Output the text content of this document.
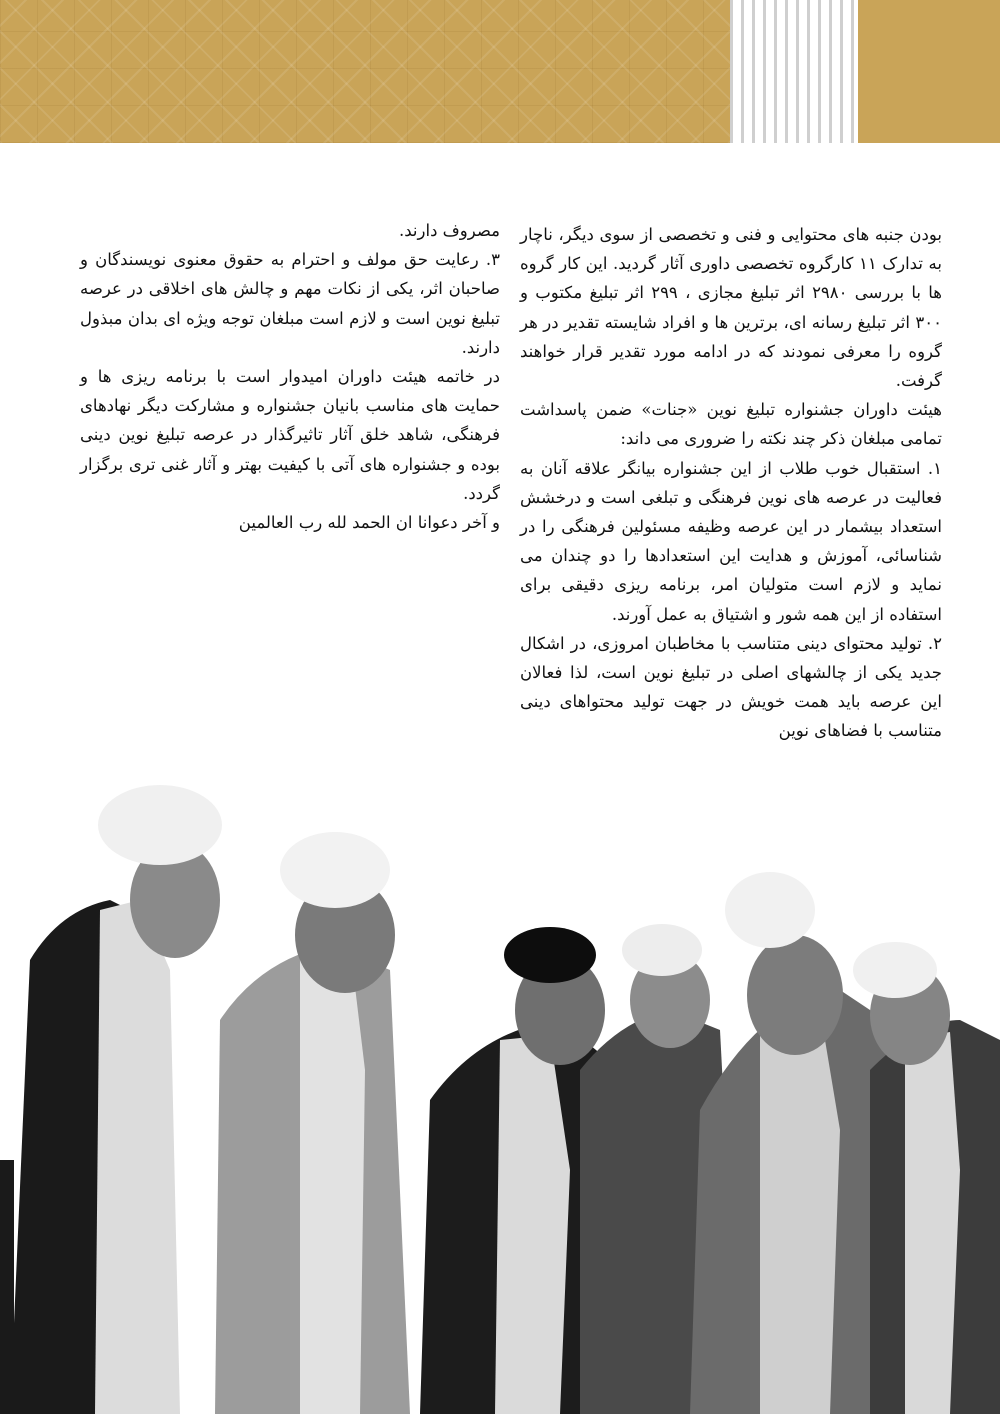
بودن جنبه های محتوایی و فنی و تخصصی از سوی دیگر، ناچار به تدارک ۱۱ کارگروه تخصصی داوری آثار گردید. این کار گروه ها با بررسی ۲۹۸۰ اثر تبلیغ مجازی ، ۲۹۹ اثر تبلیغ مکتوب و ۳۰۰ اثر تبلیغ رسانه ای، برترین ها و افراد شایسته تقدیر در هر گروه را معرفی نمودند که در ادامه مورد تقدیر قرار خواهند گرفت.

هیئت داوران جشنواره تبلیغ نوین «جنات» ضمن پاسداشت تمامی مبلغان ذکر چند نکته را ضروری می داند:

۱. استقبال خوب طلاب از این جشنواره بیانگر علاقه آنان به فعالیت در عرصه های نوین فرهنگی و تبلغی است و درخشش استعداد بیشمار در این عرصه وظیفه مسئولین فرهنگی را در شناسائی، آموزش و هدایت این استعدادها را دو چندان می نماید و لازم است متولیان امر، برنامه ریزی دقیقی برای استفاده از این همه شور و اشتیاق به عمل آورند.

۲. تولید محتوای دینی متناسب با مخاطبان امروزی، در اشکال جدید یکی از چالشهای اصلی در تبلیغ نوین است، لذا فعالان این عرصه باید همت خویش در جهت تولید محتواهای دینی متناسب با فضاهای نوین

مصروف دارند.

۳. رعایت حق مولف و احترام به حقوق معنوی نویسندگان و صاحبان اثر، یکی از نکات مهم و چالش های اخلاقی در عرصه تبلیغ نوین است و لازم است مبلغان توجه ویژه ای بدان مبذول دارند.

در خاتمه هیئت داوران امیدوار است با برنامه ریزی ها و حمایت های مناسب بانیان جشنواره و مشارکت دیگر نهادهای فرهنگی، شاهد خلق آثار تاثیرگذار در عرصه تبلیغ نوین دینی بوده و جشنواره های آتی با کیفیت بهتر و آثار غنی تری برگزار گردد.

و آخر دعوانا ان الحمد لله رب العالمین
